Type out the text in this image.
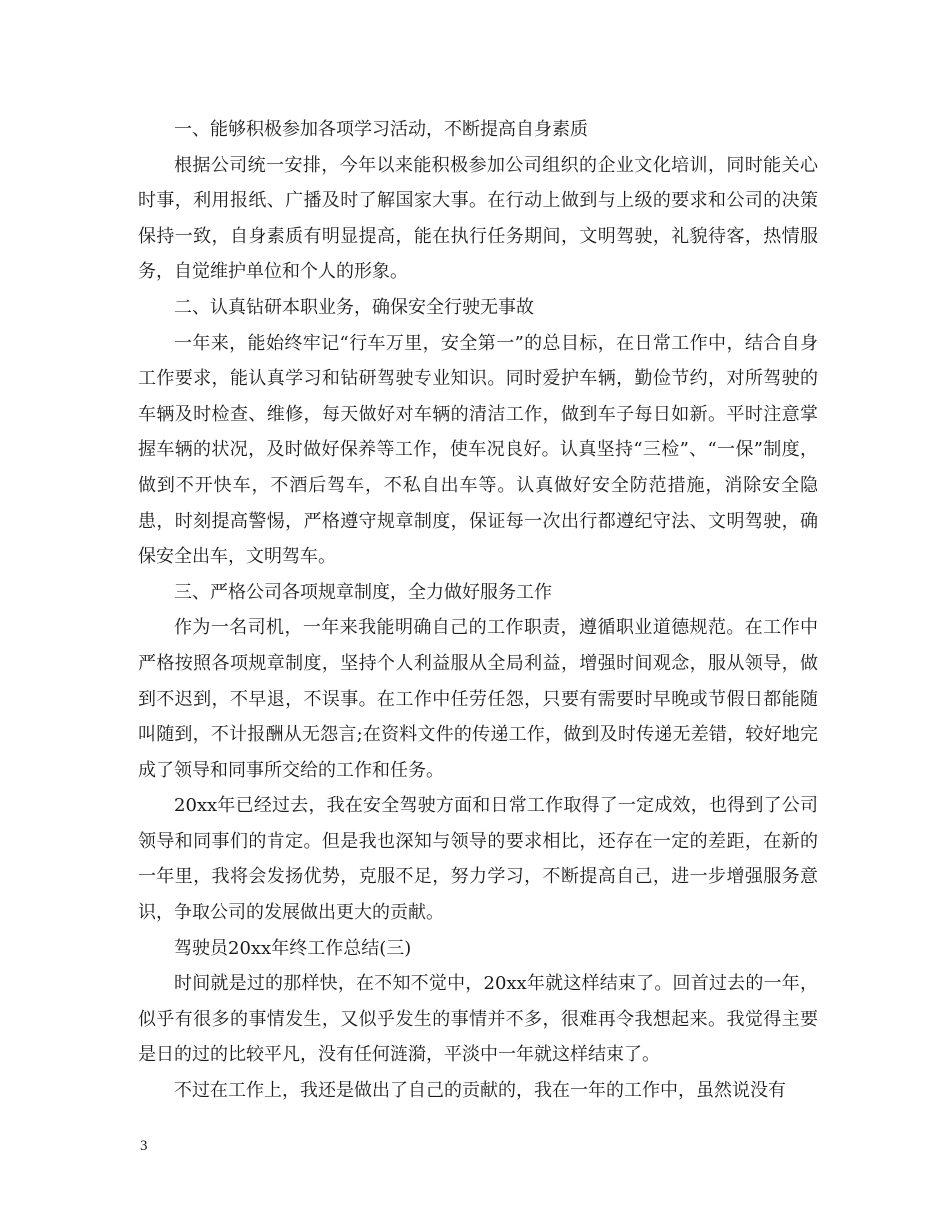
一、能够积极参加各项学习活动，不断提高自身素质

根据公司统一安排，今年以来能积极参加公司组织的企业文化培训，同时能关心时事，利用报纸、广播及时了解国家大事。在行动上做到与上级的要求和公司的决策保持一致，自身素质有明显提高，能在执行任务期间，文明驾驶，礼貌待客，热情服务，自觉维护单位和个人的形象。

二、认真钻研本职业务，确保安全行驶无事故

一年来，能始终牢记“行车万里，安全第一”的总目标，在日常工作中，结合自身工作要求，能认真学习和钻研驾驶专业知识。同时爱护车辆，勤俭节约，对所驾驶的车辆及时检查、维修，每天做好对车辆的清洁工作，做到车子每日如新。平时注意掌握车辆的状况，及时做好保养等工作，使车况良好。认真坚持“三检”、“一保”制度，做到不开快车，不酒后驾车，不私自出车等。认真做好安全防范措施，消除安全隐患，时刻提高警惕，严格遵守规章制度，保证每一次出行都遵纪守法、文明驾驶，确保安全出车，文明驾车。

三、严格公司各项规章制度，全力做好服务工作

作为一名司机，一年来我能明确自己的工作职责，遵循职业道德规范。在工作中严格按照各项规章制度，坚持个人利益服从全局利益，增强时间观念，服从领导，做到不迟到，不早退，不误事。在工作中任劳任怨，只要有需要时早晚或节假日都能随叫随到，不计报酬从无怨言;在资料文件的传递工作，做到及时传递无差错，较好地完成了领导和同事所交给的工作和任务。

20xx年已经过去，我在安全驾驶方面和日常工作取得了一定成效，也得到了公司领导和同事们的肯定。但是我也深知与领导的要求相比，还存在一定的差距，在新的一年里，我将会发扬优势，克服不足，努力学习，不断提高自己，进一步增强服务意识，争取公司的发展做出更大的贡献。

驾驶员20xx年终工作总结(三)

时间就是过的那样快，在不知不觉中，20xx年就这样结束了。回首过去的一年，似乎有很多的事情发生，又似乎发生的事情并不多，很难再令我想起来。我觉得主要是日的过的比较平凡，没有任何涟漪，平淡中一年就这样结束了。

不过在工作上，我还是做出了自己的贡献的，我在一年的工作中，虽然说没有

3
